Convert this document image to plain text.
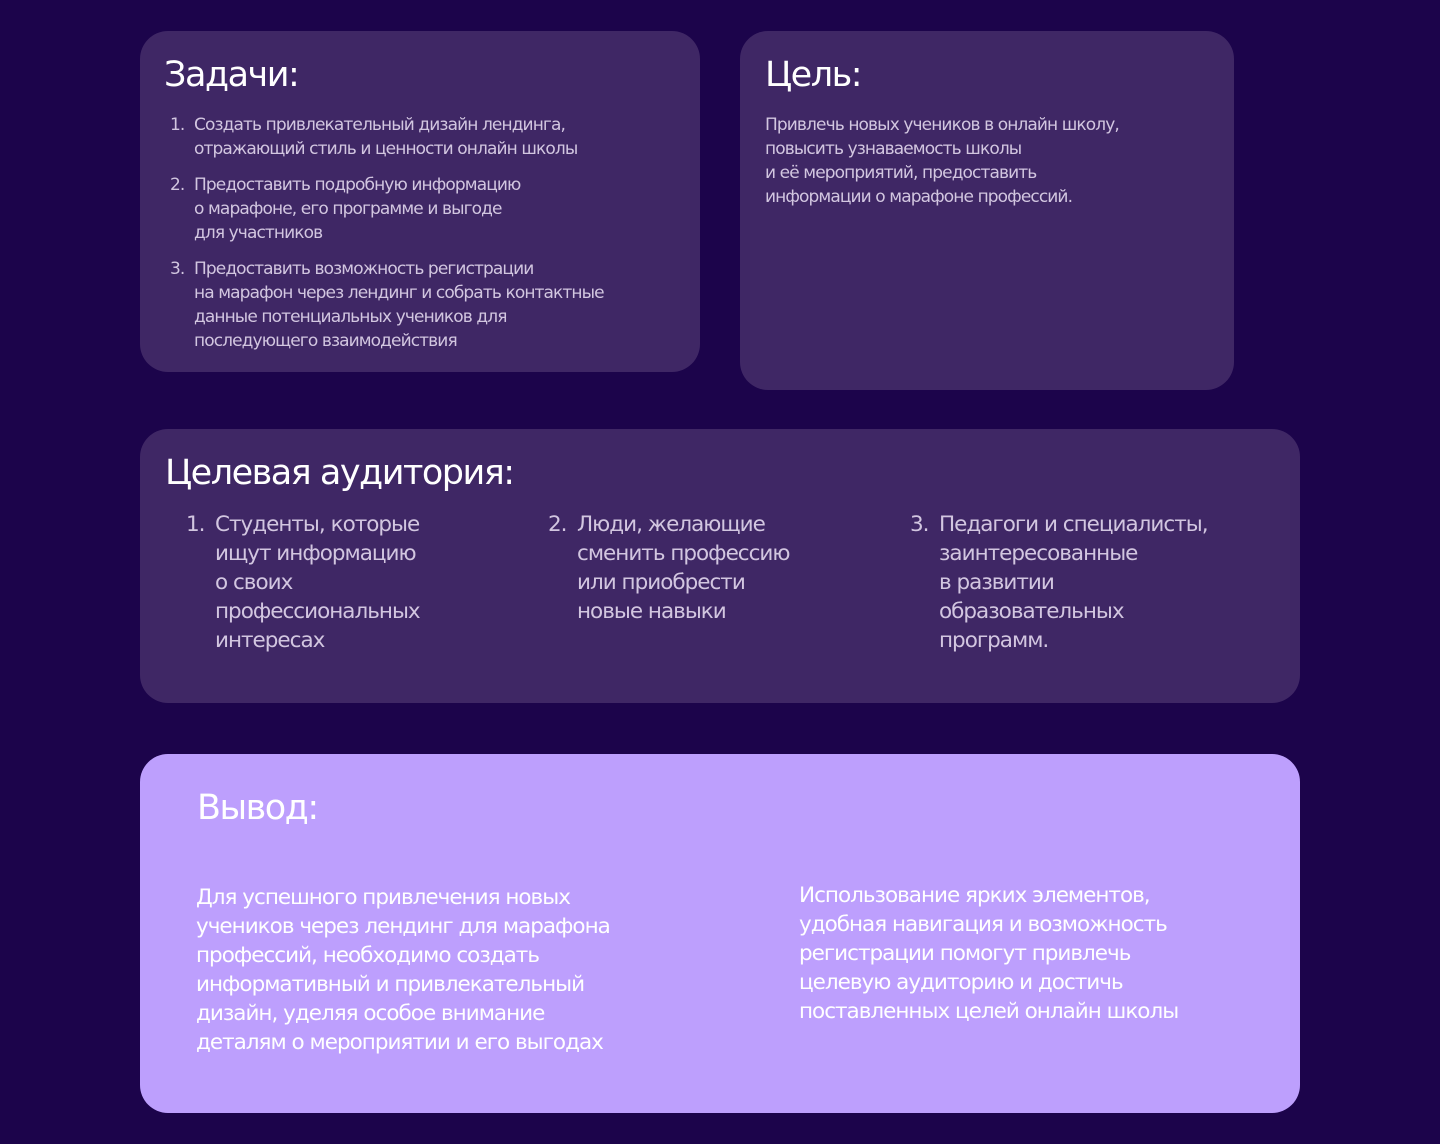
Задачи:
1. Создать привлекательный дизайн лендинга,
отражающий стиль и ценности онлайн школы
2. Предоставить подробную информацию
о марафоне, его программе и выгоде
для участников
3. Предоставить возможность регистрации
на марафон через лендинг и собрать контактные
данные потенциальных учеников для
последующего взаимодействия
Цель:

Привлечь новых учеников в онлайн школу,
повысить узнаваемость школы
и её мероприятий, предоставить
информации о марафоне профессий.

Целевая аудитория:
1. Студенты, которые
ищут информацию
о своих
профессиональных
интересах
2. Люди, желающие
сменить профессию
или приобрести
новые навыки
3. Педагоги и специалисты,
заинтересованные
в развитии
образовательных
программ.
Вывод:

Для успешного привлечения новых
учеников через лендинг для марафона
профессий, необходимо создать
информативный и привлекательный
дизайн, уделяя особое внимание
деталям о мероприятии и его выгодах

Использование ярких элементов,
удобная навигация и возможность
регистрации помогут привлечь
целевую аудиторию и достичь
поставленных целей онлайн школы
